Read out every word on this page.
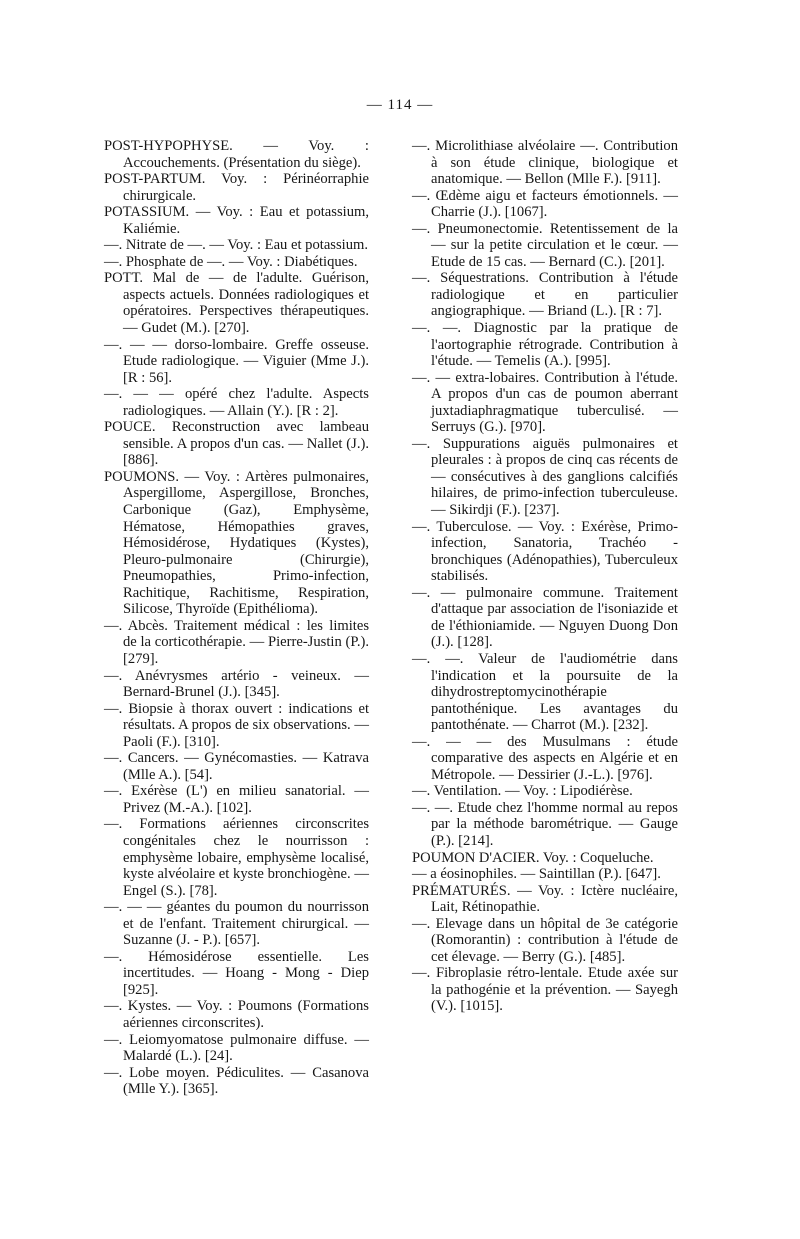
— 114 —

POST-HYPOPHYSE. — Voy. : Accouchements. (Présentation du siège).

POST-PARTUM. Voy. : Périnéorraphie chirurgicale.

POTASSIUM. — Voy. : Eau et potassium, Kaliémie.

—. Nitrate de —. — Voy. : Eau et potassium.

—. Phosphate de —. — Voy. : Diabétiques.

POTT. Mal de — de l'adulte. Guérison, aspects actuels. Données radiologiques et opératoires. Perspectives thérapeutiques. — Gudet (M.). [270].

—. — — dorso-lombaire. Greffe osseuse. Etude radiologique. — Viguier (Mme J.). [R : 56].

—. — — opéré chez l'adulte. Aspects radiologiques. — Allain (Y.). [R : 2].

POUCE. Reconstruction avec lambeau sensible. A propos d'un cas. — Nallet (J.). [886].

POUMONS. — Voy. : Artères pulmonaires, Aspergillome, Aspergillose, Bronches, Carbonique (Gaz), Emphysème, Hématose, Hémopathies graves, Hémosidérose, Hydatiques (Kystes), Pleuro-pulmonaire (Chirurgie), Pneumopathies, Primo-infection, Rachitique, Rachitisme, Respiration, Silicose, Thyroïde (Epithélioma).

—. Abcès. Traitement médical : les limites de la corticothérapie. — Pierre-Justin (P.). [279].

—. Anévrysmes artério - veineux. — Bernard-Brunel (J.). [345].

—. Biopsie à thorax ouvert : indications et résultats. A propos de six observations. — Paoli (F.). [310].

—. Cancers. — Gynécomasties. — Katrava (Mlle A.). [54].

—. Exérèse (L') en milieu sanatorial. — Privez (M.-A.). [102].

—. Formations aériennes circonscrites congénitales chez le nourrisson : emphysème lobaire, emphysème localisé, kyste alvéolaire et kyste bronchiogène. — Engel (S.). [78].

—. — — géantes du poumon du nourrisson et de l'enfant. Traitement chirurgical. — Suzanne (J. - P.). [657].

—. Hémosidérose essentielle. Les incertitudes. — Hoang - Mong - Diep [925].

—. Kystes. — Voy. : Poumons (Formations aériennes circonscrites).

—. Leiomyomatose pulmonaire diffuse. — Malardé (L.). [24].

—. Lobe moyen. Pédiculites. — Casanova (Mlle Y.). [365].

—. Microlithiase alvéolaire —. Contribution à son étude clinique, biologique et anatomique. — Bellon (Mlle F.). [911].

—. Œdème aigu et facteurs émotionnels. — Charrie (J.). [1067].

—. Pneumonectomie. Retentissement de la — sur la petite circulation et le cœur. — Etude de 15 cas. — Bernard (C.). [201].

—. Séquestrations. Contribution à l'étude radiologique et en particulier angiographique. — Briand (L.). [R : 7].

—. —. Diagnostic par la pratique de l'aortographie rétrograde. Contribution à l'étude. — Temelis (A.). [995].

—. — extra-lobaires. Contribution à l'étude. A propos d'un cas de poumon aberrant juxtadiaphragmatique tuberculisé. — Serruys (G.). [970].

—. Suppurations aiguës pulmonaires et pleurales : à propos de cinq cas récents de — consécutives à des ganglions calcifiés hilaires, de primo-infection tuberculeuse. — Sikirdji (F.). [237].

—. Tuberculose. — Voy. : Exérèse, Primo-infection, Sanatoria, Trachéo - bronchiques (Adénopathies), Tuberculeux stabilisés.

—. — pulmonaire commune. Traitement d'attaque par association de l'isoniazide et de l'éthioniamide. — Nguyen Duong Don (J.). [128].

—. —. Valeur de l'audiométrie dans l'indication et la poursuite de la dihydrostreptomycinothérapie pantothénique. Les avantages du pantothénate. — Charrot (M.). [232].

—. — — des Musulmans : étude comparative des aspects en Algérie et en Métropole. — Dessirier (J.-L.). [976].

—. Ventilation. — Voy. : Lipodiérèse.

—. —. Etude chez l'homme normal au repos par la méthode barométrique. — Gauge (P.). [214].

POUMON D'ACIER. Voy. : Coqueluche.

— a éosinophiles. — Saintillan (P.). [647].

PRÉMATURÉS. — Voy. : Ictère nucléaire, Lait, Rétinopathie.

—. Elevage dans un hôpital de 3e catégorie (Romorantin) : contribution à l'étude de cet élevage. — Berry (G.). [485].

—. Fibroplasie rétro-lentale. Etude axée sur la pathogénie et la prévention. — Sayegh (V.). [1015].
